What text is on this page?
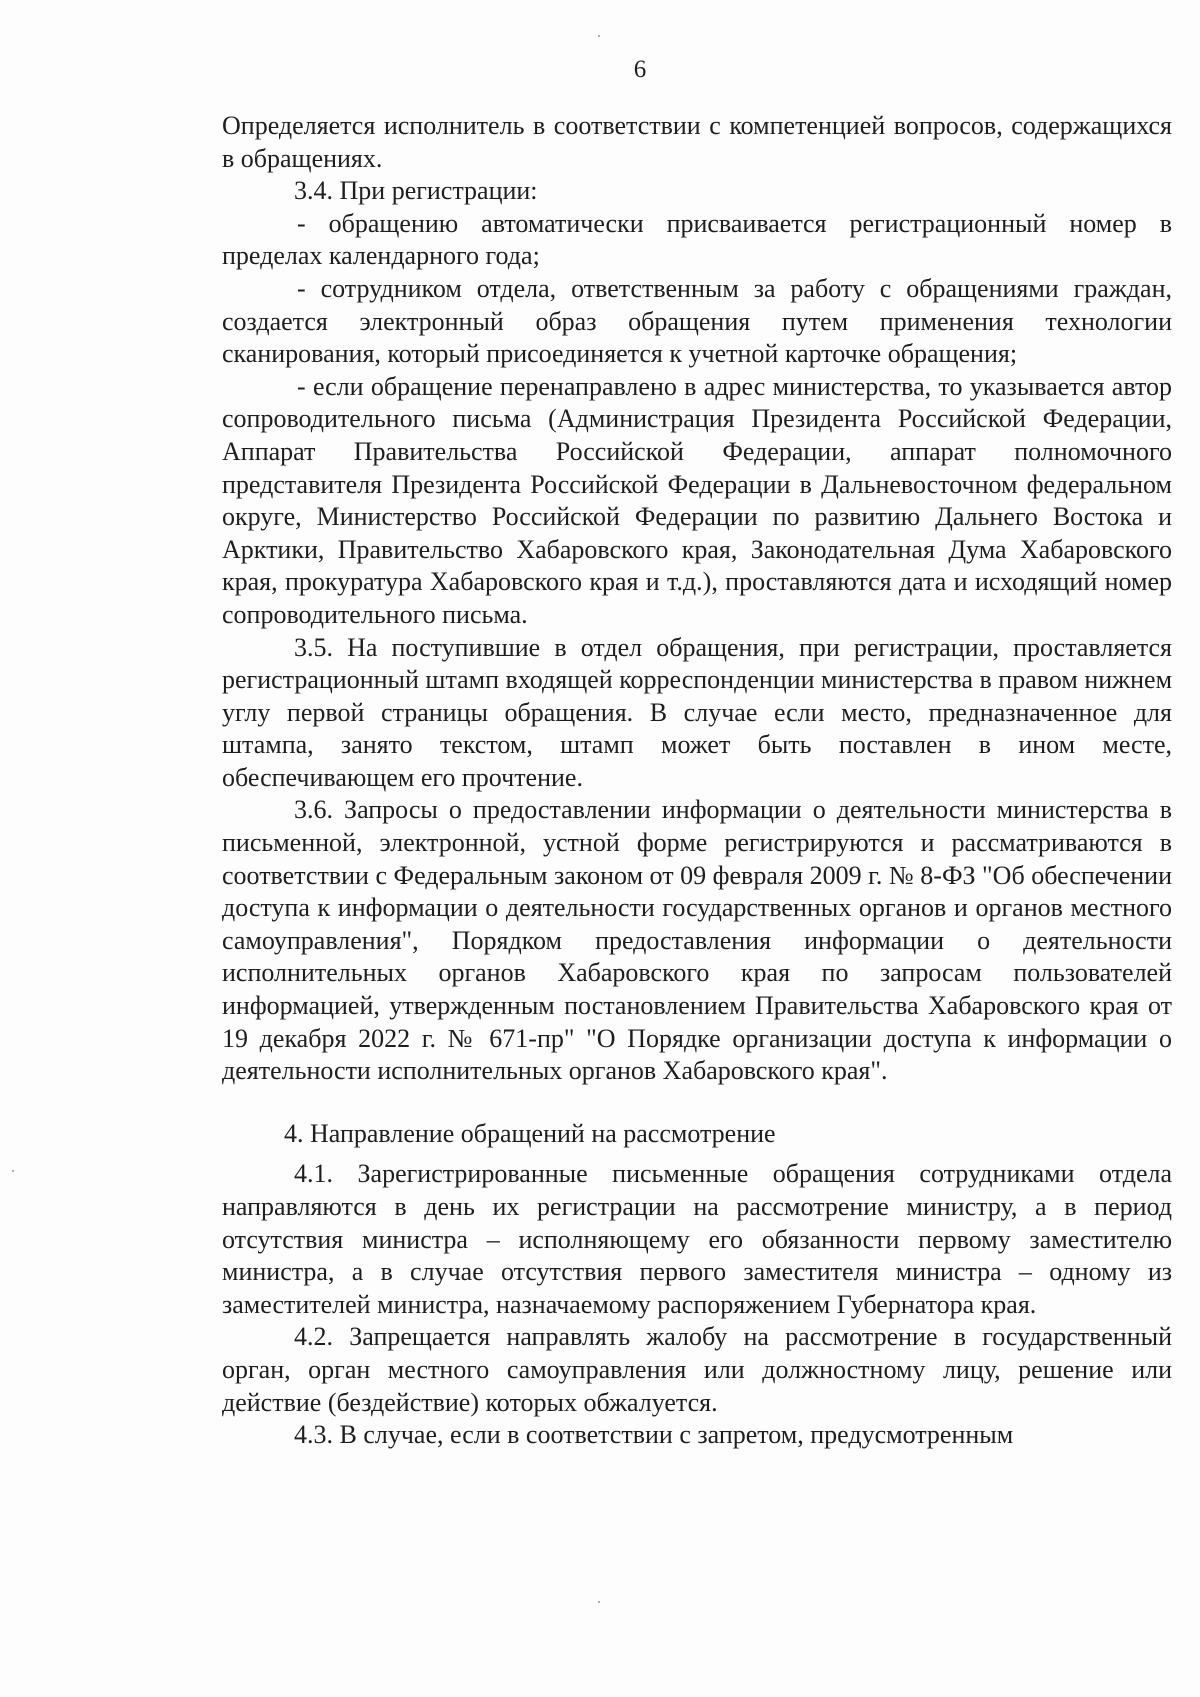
6

Определяется исполнитель в соответствии с компетенцией вопросов, содержащихся в обращениях.

3.4. При регистрации:

- обращению автоматически присваивается регистрационный номер в пределах календарного года;

- сотрудником отдела, ответственным за работу с обращениями граждан, создается электронный образ обращения путем применения технологии сканирования, который присоединяется к учетной карточке обращения;

- если обращение перенаправлено в адрес министерства, то указывается автор сопроводительного письма (Администрация Президента Российской Федерации, Аппарат Правительства Российской Федерации, аппарат полномочного представителя Президента Российской Федерации в Дальневосточном федеральном округе, Министерство Российской Федерации по развитию Дальнего Востока и Арктики, Правительство Хабаровского края, Законодательная Дума Хабаровского края, прокуратура Хабаровского края и т.д.), проставляются дата и исходящий номер сопроводительного письма.

3.5. На поступившие в отдел обращения, при регистрации, проставляется регистрационный штамп входящей корреспонденции министерства в правом нижнем углу первой страницы обращения. В случае если место, предназначенное для штампа, занято текстом, штамп может быть поставлен в ином месте, обеспечивающем его прочтение.

3.6. Запросы о предоставлении информации о деятельности министерства в письменной, электронной, устной форме регистрируются и рассматриваются в соответствии с Федеральным законом от 09 февраля 2009 г. № 8-ФЗ "Об обеспечении доступа к информации о деятельности государственных органов и органов местного самоуправления", Порядком предоставления информации о деятельности исполнительных органов Хабаровского края по запросам пользователей информацией, утвержденным постановлением Правительства Хабаровского края от 19 декабря 2022 г. № 671-пр" "О Порядке организации доступа к информации о деятельности исполнительных органов Хабаровского края".

4. Направление обращений на рассмотрение

4.1. Зарегистрированные письменные обращения сотрудниками отдела направляются в день их регистрации на рассмотрение министру, а в период отсутствия министра – исполняющему его обязанности первому заместителю министра, а в случае отсутствия первого заместителя министра – одному из заместителей министра, назначаемому распоряжением Губернатора края.

4.2. Запрещается направлять жалобу на рассмотрение в государственный орган, орган местного самоуправления или должностному лицу, решение или действие (бездействие) которых обжалуется.

4.3. В случае, если в соответствии с запретом, предусмотренным
